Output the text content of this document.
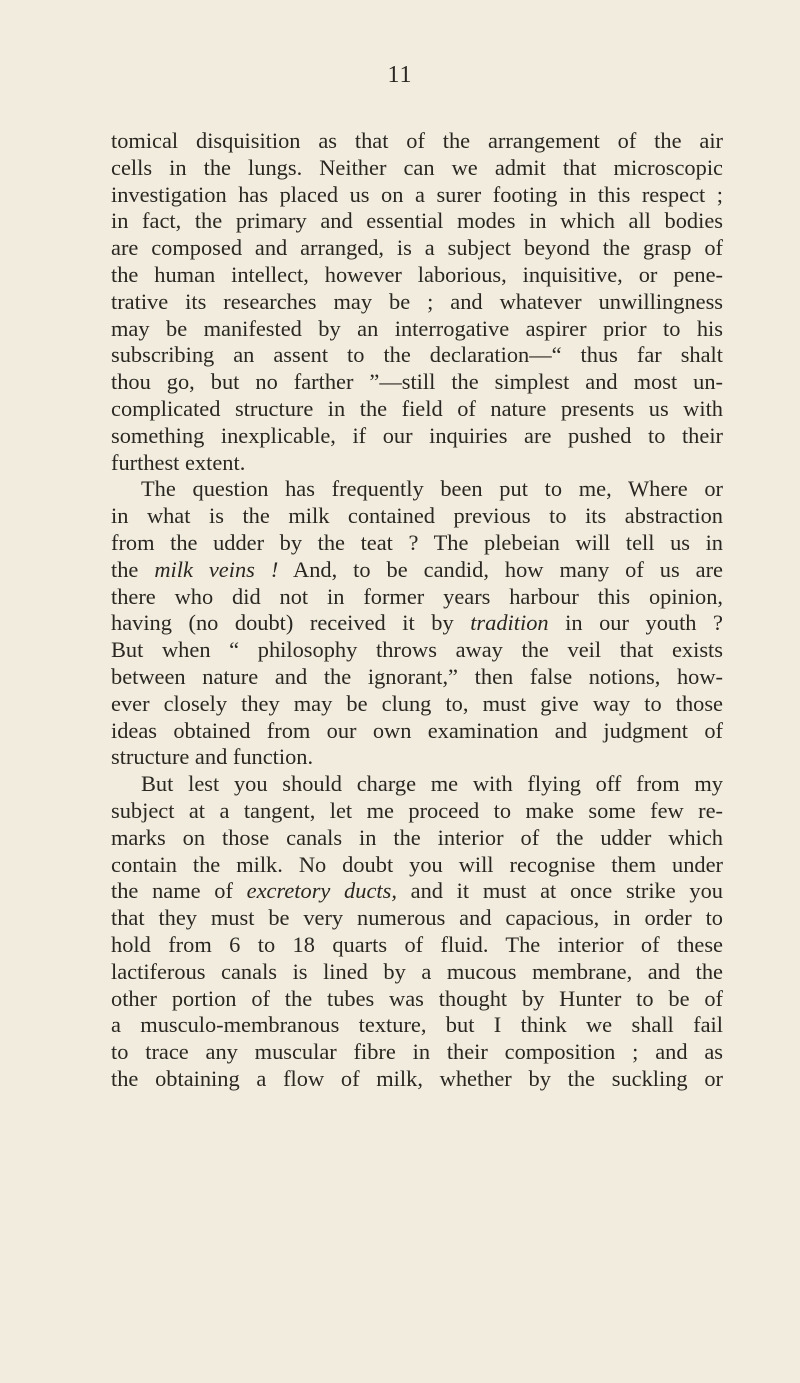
11
tomical disquisition as that of the arrangement of the air
cells in the lungs. Neither can we admit that microscopic
investigation has placed us on a surer footing in this respect ;
in fact, the primary and essential modes in which all bodies
are composed and arranged, is a subject beyond the grasp of
the human intellect, however laborious, inquisitive, or pene-
trative its researches may be ; and whatever unwillingness
may be manifested by an interrogative aspirer prior to his
subscribing an assent to the declaration—“ thus far shalt
thou go, but no farther ”—still the simplest and most un-
complicated structure in the field of nature presents us with
something inexplicable, if our inquiries are pushed to their
furthest extent.
The question has frequently been put to me, Where or
in what is the milk contained previous to its abstraction
from the udder by the teat ? The plebeian will tell us in
the milk veins ! And, to be candid, how many of us are
there who did not in former years harbour this opinion,
having (no doubt) received it by tradition in our youth ?
But when “ philosophy throws away the veil that exists
between nature and the ignorant,” then false notions, how-
ever closely they may be clung to, must give way to those
ideas obtained from our own examination and judgment of
structure and function.
But lest you should charge me with flying off from my
subject at a tangent, let me proceed to make some few re-
marks on those canals in the interior of the udder which
contain the milk. No doubt you will recognise them under
the name of excretory ducts, and it must at once strike you
that they must be very numerous and capacious, in order to
hold from 6 to 18 quarts of fluid. The interior of these
lactiferous canals is lined by a mucous membrane, and the
other portion of the tubes was thought by Hunter to be of
a musculo-membranous texture, but I think we shall fail
to trace any muscular fibre in their composition ; and as
the obtaining a flow of milk, whether by the suckling or
